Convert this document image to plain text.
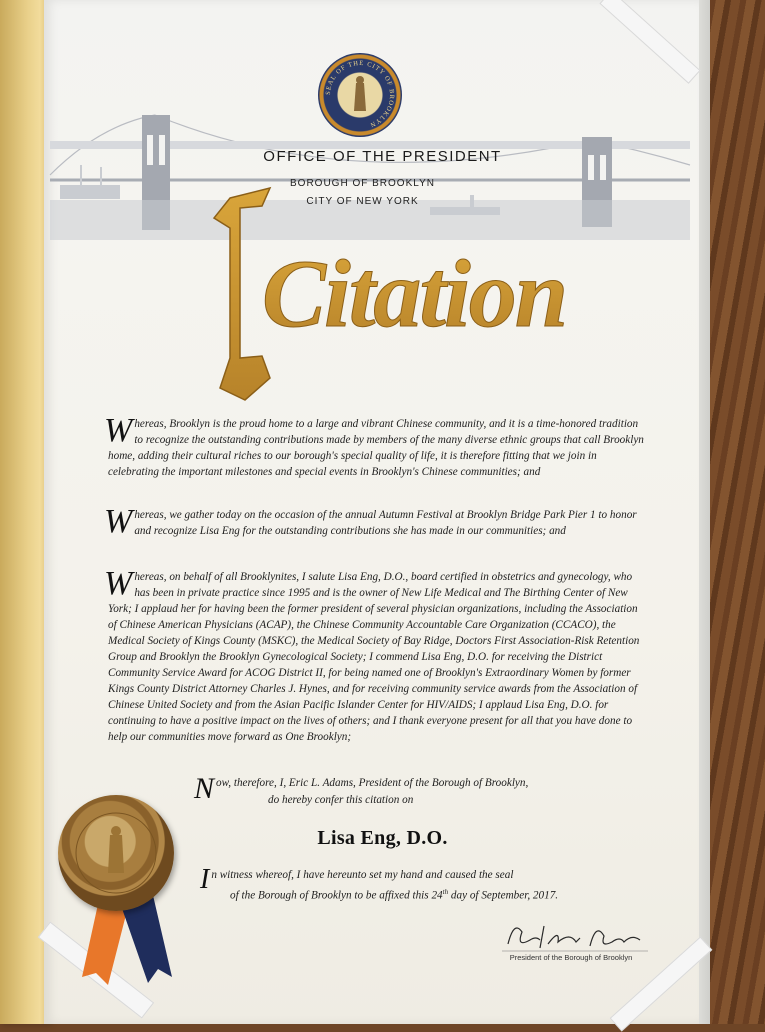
SEAL OF THE CITY OF BROOKLYN
OFFICE OF THE PRESIDENT
BOROUGH OF BROOKLYN
CITY OF NEW YORK
Citation
W hereas, Brooklyn is the proud home to a large and vibrant Chinese community, and it is a time-honored tradition to recognize the outstanding contributions made by members of the many diverse ethnic groups that call Brooklyn home, adding their cultural riches to our borough's special quality of life, it is therefore fitting that we join in celebrating the important milestones and special events in Brooklyn's Chinese communities; and
W hereas, we gather today on the occasion of the annual Autumn Festival at Brooklyn Bridge Park Pier 1 to honor and recognize Lisa Eng for the outstanding contributions she has made in our communities; and
W hereas, on behalf of all Brooklynites, I salute Lisa Eng, D.O., board certified in obstetrics and gynecology, who has been in private practice since 1995 and is the owner of New Life Medical and The Birthing Center of New York; I applaud her for having been the former president of several physician organizations, including the Association of Chinese American Physicians (ACAP), the Chinese Community Accountable Care Organization (CCACO), the Medical Society of Kings County (MSKC), the Medical Society of Bay Ridge, Doctors First Association-Risk Retention Group and Brooklyn the Brooklyn Gynecological Society; I commend Lisa Eng, D.O. for receiving the District Community Service Award for ACOG District II, for being named one of Brooklyn's Extraordinary Women by former Kings County District Attorney Charles J. Hynes, and for receiving community service awards from the Association of Chinese United Society and from the Asian Pacific Islander Center for HIV/AIDS; I applaud Lisa Eng, D.O. for continuing to have a positive impact on the lives of others; and I thank everyone present for all that you have done to help our communities move forward as One Brooklyn;
N ow, therefore, I, Eric L. Adams, President of the Borough of Brooklyn,
do hereby confer this citation on
Lisa Eng, D.O.
I n witness whereof, I have hereunto set my hand and caused the seal
of the Borough of Brooklyn to be affixed this 24th day of September, 2017.
President of the Borough of Brooklyn
